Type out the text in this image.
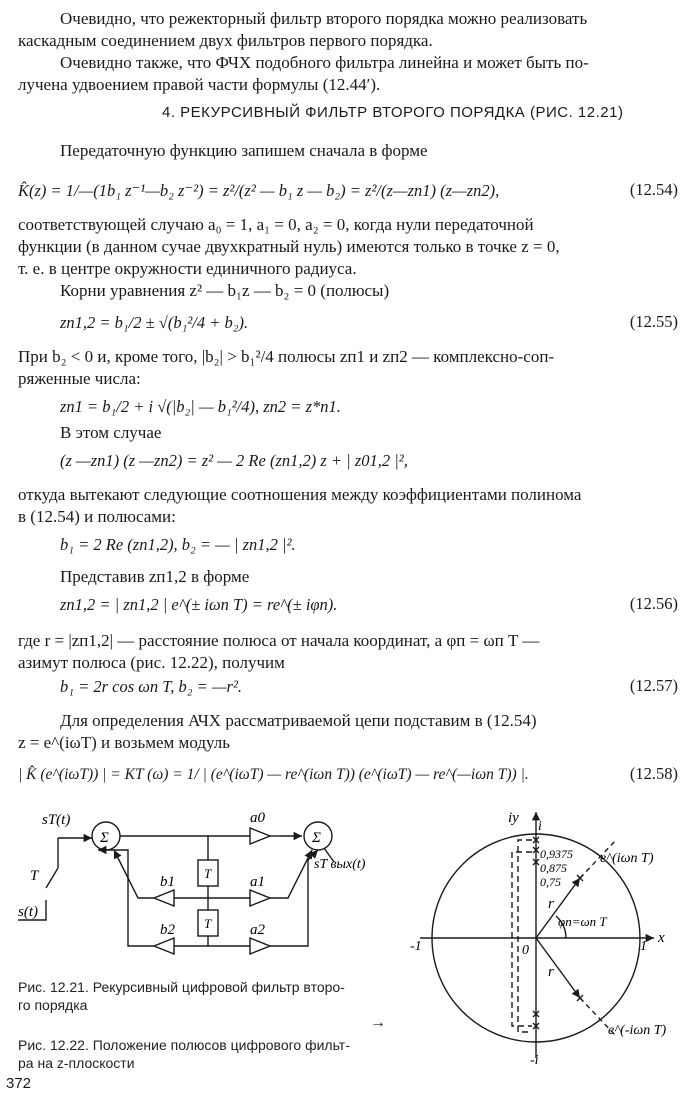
Очевидно, что режекторный фильтр второго порядка можно реализовать
каскадным соединением двух фильтров первого порядка.
Очевидно также, что ФЧХ подобного фильтра линейна и может быть по-
лучена удвоением правой части формулы (12.44′).
4. РЕКУРСИВНЫЙ ФИЛЬТР ВТОРОГО ПОРЯДКА (РИС. 12.21)
Передаточную функцию запишем сначала в форме
K̂(z) = 1/—(1b₁ z⁻¹—b₂ z⁻²) = z²/(z² — b₁ z — b₂) = z²/(z—zп1) (z—zп2),	(12.54)
соответствующей случаю a₀ = 1, a₁ = 0, a₂ = 0, когда нули передаточной
функции (в данном сучае двухкратный нуль) имеются только в точке z = 0,
т. е. в центре окружности единичного радиуса.
Корни уравнения z² — b₁z — b₂ = 0 (полюсы)
zп1,2 = b₁/2 ± √(b₁²/4 + b₂).	(12.55)
При b₂ < 0 и, кроме того, |b₂| > b₁²/4 полюсы zп1 и zп2 — комплексно-соп-
ряженные числа:
zп1 = b₁/2 + i √(|b₂| — b₁²/4), zп2 = z*п1.
В этом случае
(z —zп1) (z —zп2) = z² — 2 Re (zп1,2) z + | z01,2 |²,
откуда вытекают следующие соотношения между коэффициентами полинома
в (12.54) и полюсами:
b₁ = 2 Re (zп1,2), b₂ = — | zп1,2 |².
Представив zп1,2 в форме
zп1,2 = | zп1,2 | e^(± iωп T) = re^(± iφп).	(12.56)
где r = |zп1,2| — расстояние полюса от начала координат, а φп = ωп T —
азимут полюса (рис. 12.22), получим
b₁ = 2r cos ωп T, b₂ = —r².	(12.57)
Для определения АЧХ рассматриваемой цепи подставим в (12.54)
z = e^(iωT) и возьмем модуль
| K̂ (e^(iωT)) | = KT (ω) = 1/ | (e^(iωT) — re^(iωп T)) (e^(iωT) — re^(—iωп T)) |.	(12.58)
sT(t)
s(t)
T
Σ	Σ
T
T
a0
a1
a2
b1
b2
sT вых(t)
iy
i
-i
-1	1
x
0
r
r
0,9375
0,875
0,75
φп=ωп T
e^(iωп T)
e^(-iωп T)
Рис. 12.21. Рекурсивный цифровой фильтр второ-
го порядка
→
Рис. 12.22. Положение полюсов цифрового фильт-
ра на z-плоскости
372
